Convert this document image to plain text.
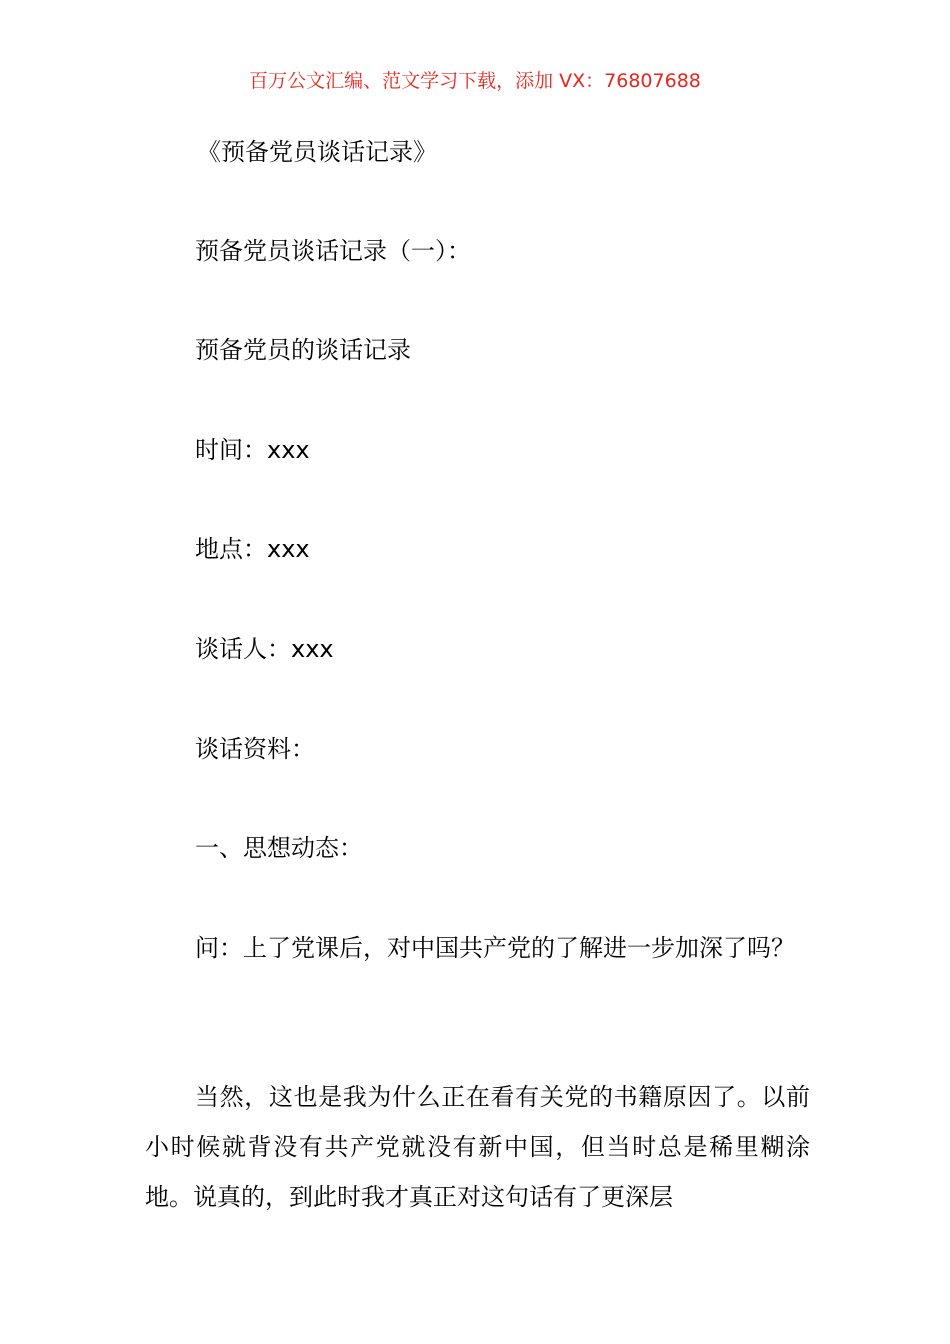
百万公文汇编、范文学习下载，添加 VX：76807688
《预备党员谈话记录》
预备党员谈话记录（一）：
预备党员的谈话记录
时间：xxx
地点：xxx
谈话人：xxx
谈话资料：
一、思想动态：

问：上了党课后，对中国共产党的了解进一步加深了吗？

当然，这也是我为什么正在看有关党的书籍原因了。以前小时候就背没有共产党就没有新中国，但当时总是稀里糊涂地。说真的，到此时我才真正对这句话有了更深层
